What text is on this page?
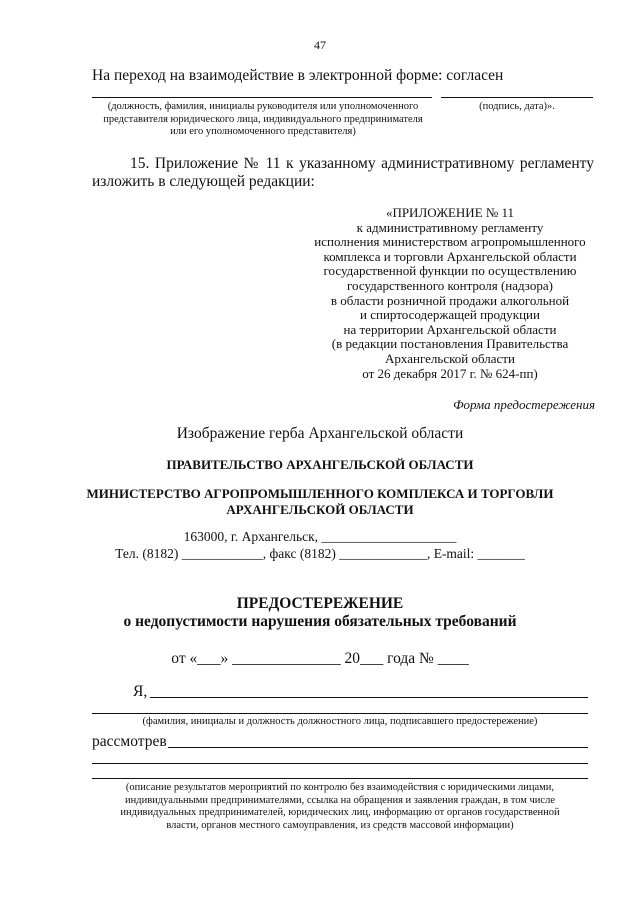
47
На переход на взаимодействие в электронной форме: согласен
(должность, фамилия, инициалы руководителя или уполномоченного
представителя юридического лица, индивидуального предпринимателя
или его уполномоченного представителя)
(подпись, дата)».
15. Приложение № 11 к указанному административному регламенту
изложить в следующей редакции:
«ПРИЛОЖЕНИЕ № 11
к административному регламенту
исполнения министерством агропромышленного
комплекса и торговли Архангельской области
государственной функции по осуществлению
государственного контроля (надзора)
в области розничной продажи алкогольной
и спиртосодержащей продукции
на территории Архангельской области
(в редакции постановления Правительства
Архангельской области
от 26 декабря 2017 г. № 624-пп)
Форма предостережения
Изображение герба Архангельской области
ПРАВИТЕЛЬСТВО АРХАНГЕЛЬСКОЙ ОБЛАСТИ
МИНИСТЕРСТВО АГРОПРОМЫШЛЕННОГО КОМПЛЕКСА И ТОРГОВЛИ
АРХАНГЕЛЬСКОЙ ОБЛАСТИ
163000, г. Архангельск, ____________________
Тел. (8182) ____________, факс (8182) _____________, E-mail: _______
ПРЕДОСТЕРЕЖЕНИЕ
о недопустимости нарушения обязательных требований
от «___» ______________ 20___ года № ____
Я,
(фамилия, инициалы и должность должностного лица, подписавшего предостережение)
рассмотрев
(описание результатов мероприятий по контролю без взаимодействия с юридическими лицами,
индивидуальными предпринимателями, ссылка на обращения и заявления граждан, в том числе
индивидуальных предпринимателей, юридических лиц, информацию от органов государственной
власти, органов местного самоуправления, из средств массовой информации)
